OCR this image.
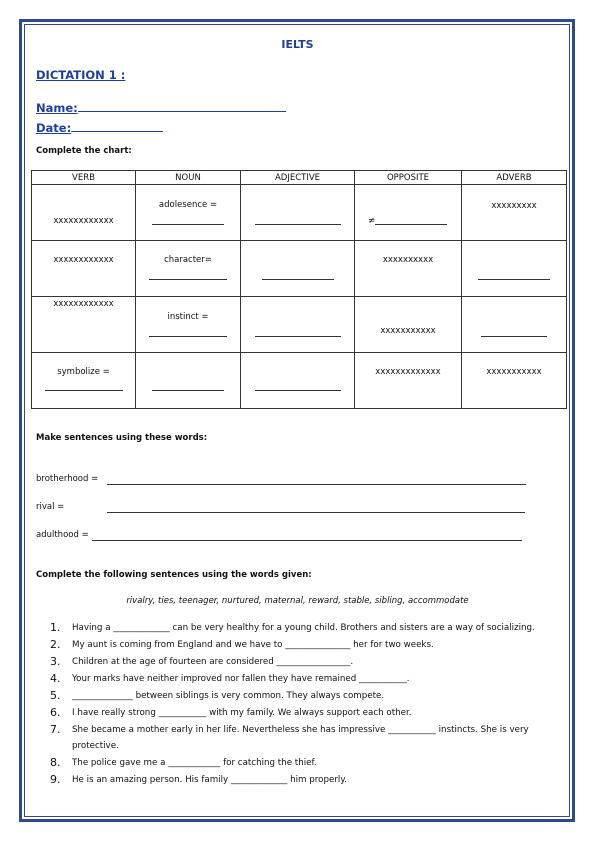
IELTS
DICTATION 1 :
Name:
Date:
Complete the chart:
VERB	NOUN	ADJECTIVE	OPPOSITE	ADVERB

xxxxxxxxxxxx	adolesence =		≠	xxxxxxxxx

xxxxxxxxxxxx	character=		xxxxxxxxxx	

xxxxxxxxxxxx	instinct =		xxxxxxxxxxx	

symbolize =			xxxxxxxxxxxxx	xxxxxxxxxxx
Make sentences using these words:
brotherhood =
rival =
adulthood =
Complete the following sentences using the words given:
rivalry, ties, teenager, nurtured, maternal, reward, stable, sibling, accommodate
1. Having a _____________ can be very healthy for a young child. Brothers and sisters are a way of socializing.
2. My aunt is coming from England and we have to _______________ her for two weeks.
3. Children at the age of fourteen are considered _________________.
4. Your marks have neither improved nor fallen they have remained ___________.
5. ______________ between siblings is very common. They always compete.
6. I have really strong ___________ with my family. We always support each other.
7. She became a mother early in her life. Nevertheless she has impressive ___________ instincts. She is very protective.
8. The police gave me a ____________ for catching the thief.
9. He is an amazing person. His family _____________ him properly.
